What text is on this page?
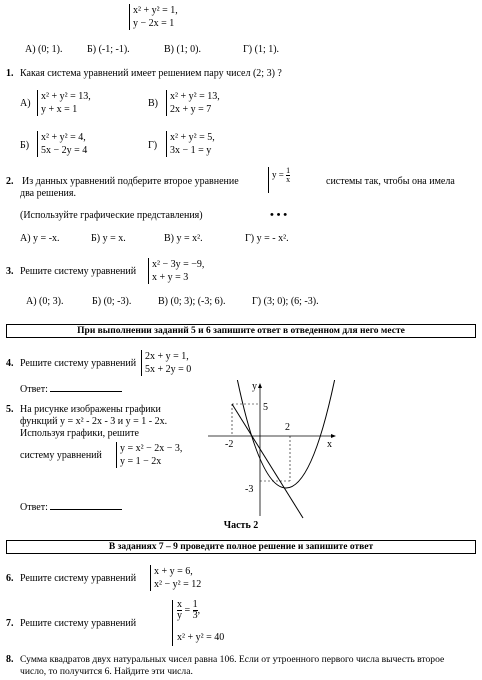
x² + y² = 1,
y − 2x = 1
А) (0; 1). Б) (-1; -1).	В) (1; 0).	Г) (1; 1).
1. Какая система уравнений имеет решением пару чисел (2; 3) ?
А)
x² + y² = 13,
y + x = 1
В)
x² + y² = 13,
2x + y = 7
Б)
x² + y² = 4,
5x − 2y = 4	Г)
x² + y² = 5,
3x − 1 = y
2. Из данных уравнений подберите второе уравнение
$y = \frac{1}{x}$	системы так, чтобы она имела
два решения.
(Используйте графические представления)	• • •
А) y = -x.	Б) y = x.	В) y = x².	Г) y = - x².
3. Решите систему уравнений
x² − 3y = −9,
x + y = 3
А) (0; 3).	Б) (0; -3).	В) (0; 3); (-3; 6).	Г) (3; 0); (6; -3).
При выполнении заданий 5 и 6 запишите ответ в отведенном для него месте
4. Решите систему уравнений
2x + y = 1,
5x + 2y = 0
Ответ:
5. На рисунке изображены графики
функций y = x² - 2x - 3 и y = 1 - 2x.
Используя графики, решите
систему уравнений
y = x² − 2x − 3,
y = 1 − 2x
Ответ:
y
x
5
2
-2
-3
Часть 2
В заданиях 7 – 9 проведите полное решение и запишите ответ
6. Решите систему уравнений
x + y = 6,
x² − y² = 12
7. Решите систему уравнений
$\frac{x}{y} = \frac{1}{3}$ ,
x² + y² = 40
8. Сумма квадратов двух натуральных чисел равна 106. Если от утроенного первого числа вычесть второе
число, то получится 6. Найдите эти числа.
